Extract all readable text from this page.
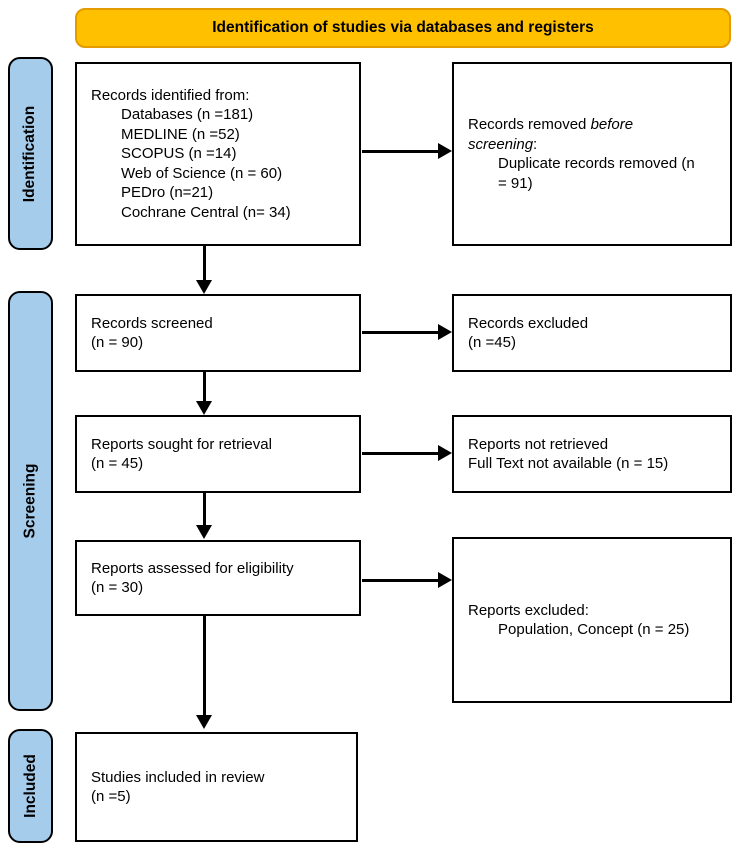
Identification of studies via databases and registers
Identification
Screening
Included
Records identified from:
Databases (n =181)
MEDLINE (n =52)
SCOPUS (n =14)
Web of Science (n = 60)
PEDro (n=21)
Cochrane Central (n= 34)

Records removed before screening:

Duplicate records removed (n = 91)

Records screened
(n = 90)
Records excluded
(n =45)
Reports sought for retrieval
(n = 45)
Reports not retrieved
Full Text not available (n = 15)
Reports assessed for eligibility
(n = 30)
Reports excluded:
Population, Concept (n = 25)
Studies included in review
(n =5)
